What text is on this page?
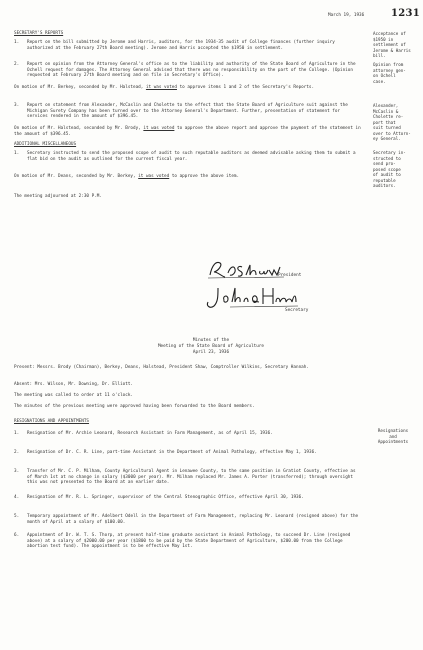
March 19, 1936	1231
SECRETARY'S REPORTS
1. Report on the bill submitted by Jerome and Harris, auditors, for the 1934-35 audit of College finances (further inquiry authorized at the February 27th Board meeting). Jerome and Harris accepted the $1950 in settlement.
2. Report on opinion from the Attorney General's office as to the liability and authority of the State Board of Agriculture in the Ochell request for damages. The Attorney General advised that there was no responsibility on the part of the College. (Opinion requested at February 27th Board meeting and on file in Secretary's Office).
On motion of Mr. Berkey, seconded by Mr. Halstead, it was voted to approve items 1 and 2 of the Secretary's Reports.
3. Report on statement from Alexander, McCaslin and Cholette to the effect that the State Board of Agriculture suit against the Michigan Surety Company has been turned over to the Attorney General's Department. Further, presentation of statement for services rendered in the amount of $396.45.
On motion of Mr. Halstead, seconded by Mr. Brody, it was voted to approve the above report and approve the payment of the statement in the amount of $396.45.
ADDITIONAL MISCELLANEOUS
1. Secretary instructed to send the proposed scope of audit to such reputable auditors as deemed advisable asking them to submit a flat bid on the audit as outlined for the current fiscal year.
On motion of Mr. Deans, seconded by Mr. Berkey, it was voted to approve the above item.
The meeting adjourned at 2:30 P.M.
President
Secretary
Minutes of the
Meeting of the State Board of Agriculture
April 23, 1936
Present: Messrs. Brody (Chairman), Berkey, Deans, Halstead, President Shaw, Comptroller Wilkins, Secretary Hannah.
Absent: Mrs. Wilson, Mr. Downing, Dr. Elliott.
The meeting was called to order at 11 o'clock.
The minutes of the previous meeting were approved having been forwarded to the Board members.
RESIGNATIONS AND APPOINTMENTS
1. Resignation of Mr. Archie Leonard, Research Assistant in Farm Management, as of April 15, 1936.
2. Resignation of Dr. C. R. Line, part-time Assistant in the Department of Animal Pathology, effective May 1, 1936.
3. Transfer of Mr. C. P. Milham, County Agricultural Agent in Lenawee County, to the same position in Gratiot County, effective as of March 1st at no change in salary ($3000 per year). Mr. Milham replaced Mr. James A. Porter (transferred); through oversight this was not presented to the Board at an earlier date.
4. Resignation of Mr. R. L. Springer, supervisor of the Central Stenographic Office, effective April 30, 1936.
5. Temporary appointment of Mr. Adelbert Odell in the Department of Farm Management, replacing Mr. Leonard (resigned above) for the month of April at a salary of $100.00.
6. Appointment of Dr. W. T. S. Thorp, at present half-time graduate assistant in Animal Pathology, to succeed Dr. Line (resigned above) at a salary of $2000.00 per year ($1800 to be paid by the State Department of Agriculture, $200.00 from the College abortion test fund). The appointment is to be effective May 1st.
Acceptance of
$1950 in
settlement of
Jerome & Harris
bill.
Opinion from
attorney gen-
on Ochell
case.
Alexander,
McCaslin &
Cholette re-
port that
suit turned
over to Attorn-
ey General.
Secretary in-
structed to
send pro-
posed scope
of audit to
reputable
auditors.
Resignations
and
Appointments
